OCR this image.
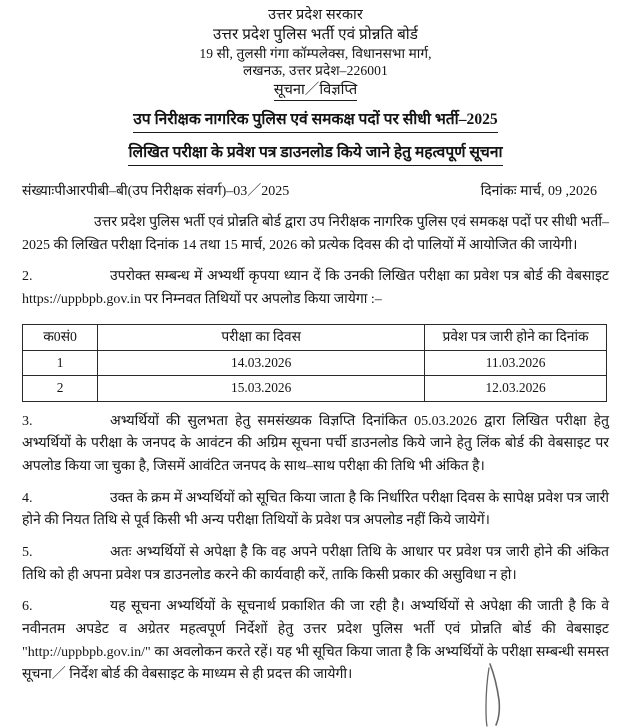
उत्तर प्रदेश सरकार
उत्तर प्रदेश पुलिस भर्ती एवं प्रोन्नति बोर्ड
19 सी, तुलसी गंगा कॉम्पलेक्स, विधानसभा मार्ग,
लखनऊ, उत्तर प्रदेश–226001
सूचना／विज्ञप्ति
उप निरीक्षक नागरिक पुलिस एवं समकक्ष पदों पर सीधी भर्ती–2025
लिखित परीक्षा के प्रवेश पत्र डाउनलोड किये जाने हेतु महत्वपूर्ण सूचना
संख्याःपीआरपीबी–बी(उप निरीक्षक संवर्ग)–03／2025	दिनांकः मार्च, 09 ,2026
उत्तर प्रदेश पुलिस भर्ती एवं प्रोन्नति बोर्ड द्वारा उप निरीक्षक नागरिक पुलिस एवं समकक्ष पदों पर सीधी भर्ती–2025 की लिखित परीक्षा दिनांक 14 तथा 15 मार्च, 2026 को प्रत्येक दिवस की दो पालियों में आयोजित की जायेगी।
2.	उपरोक्त सम्बन्ध में अभ्यर्थी कृपया ध्यान दें कि उनकी लिखित परीक्षा का प्रवेश पत्र बोर्ड की वेबसाइट https://uppbpb.gov.in पर निम्नवत तिथियों पर अपलोड किया जायेगा :–
क0सं0	परीक्षा का दिवस	प्रवेश पत्र जारी होने का दिनांक
1	14.03.2026	11.03.2026
2	15.03.2026	12.03.2026
3.	अभ्यर्थियों की सुलभता हेतु समसंख्यक विज्ञप्ति दिनांकित 05.03.2026 द्वारा लिखित परीक्षा हेतु अभ्यर्थियों के परीक्षा के जनपद के आवंटन की अग्रिम सूचना पर्ची डाउनलोड किये जाने हेतु लिंक बोर्ड की वेबसाइट पर अपलोड किया जा चुका है, जिसमें आवंटित जनपद के साथ–साथ परीक्षा की तिथि भी अंकित है।
4.	उक्त के क्रम में अभ्यर्थियों को सूचित किया जाता है कि निर्धारित परीक्षा दिवस के सापेक्ष प्रवेश पत्र जारी होने की नियत तिथि से पूर्व किसी भी अन्य परीक्षा तिथियों के प्रवेश पत्र अपलोड नहीं किये जायेगें।
5.	अतः अभ्यर्थियों से अपेक्षा है कि वह अपने परीक्षा तिथि के आधार पर प्रवेश पत्र जारी होने की अंकित तिथि को ही अपना प्रवेश पत्र डाउनलोड करने की कार्यवाही करें, ताकि किसी प्रकार की असुविधा न हो।
6.	यह सूचना अभ्यर्थियों के सूचनार्थ प्रकाशित की जा रही है। अभ्यर्थियों से अपेक्षा की जाती है कि वे नवीनतम अपडेट व अग्रेतर महत्वपूर्ण निर्देशों हेतु उत्तर प्रदेश पुलिस भर्ती एवं प्रोन्नति बोर्ड की वेबसाइट "http://uppbpb.gov.in/" का अवलोकन करते रहें। यह भी सूचित किया जाता है कि अभ्यर्थियों के परीक्षा सम्बन्धी समस्त सूचना／ निर्देश बोर्ड की वेबसाइट के माध्यम से ही प्रदत्त की जायेगी।
